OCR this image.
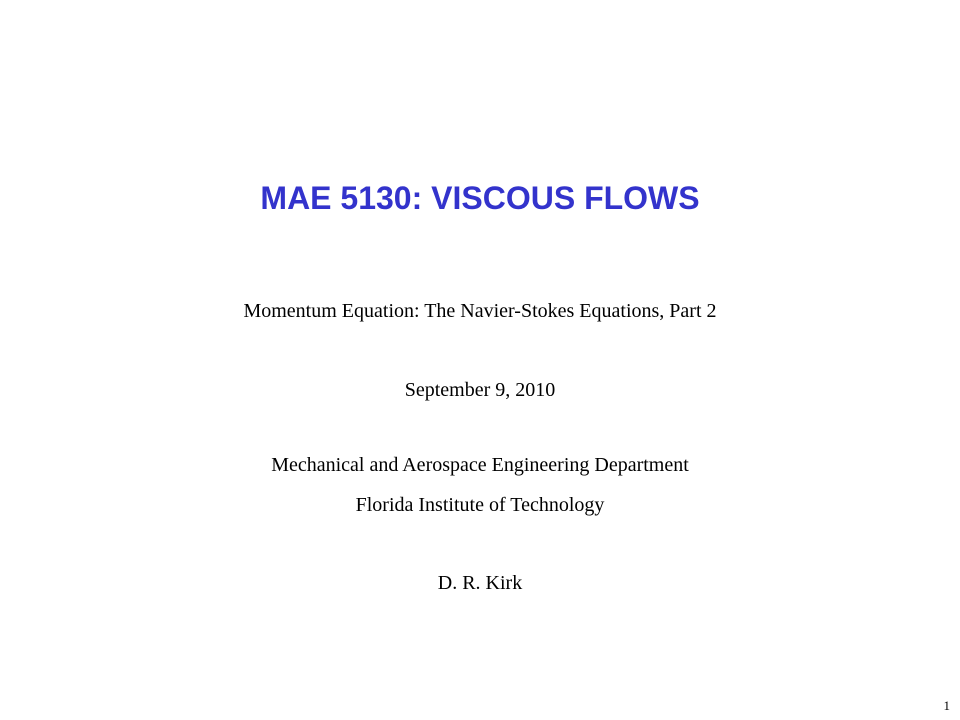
MAE 5130: VISCOUS FLOWS

Momentum Equation: The Navier-Stokes Equations, Part 2

September 9, 2010

Mechanical and Aerospace Engineering Department

Florida Institute of Technology

D. R. Kirk

1
